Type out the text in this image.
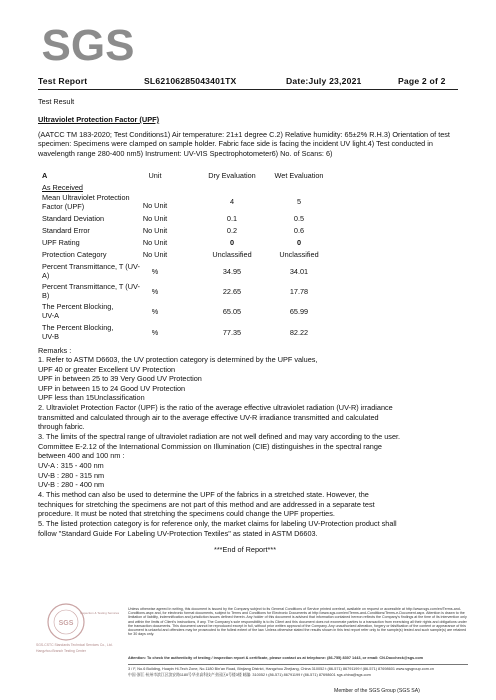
SGS
Test Report	SL62106285043401TX	Date:July 23,2021	Page 2 of 2
Test Result
Ultraviolet Protection Factor (UPF)
(AATCC TM 183-2020; Test Conditions1) Air temperature: 21±1 degree C.2) Relative humidity: 65±2% R.H.3) Orientation of test specimen: Specimens were clamped on sample holder. Fabric face side is facing the incident UV light.4) Test conducted in wavelength range 280-400 nm5) Instrument: UV-VIS Spectrophotometer6) No. of Scans: 6)
A	Unit	Dry Evaluation	Wet Evaluation
As Received
Mean Ultraviolet Protection Factor (UPF)	No Unit	4	5
Standard Deviation	No Unit	0.1	0.5
Standard Error	No Unit	0.2	0.6
UPF Rating	No Unit	0	0
Protection Category	No Unit	Unclassified	Unclassified
Percent Transmittance, T (UV-A)	%	34.95	34.01
Percent Transmittance, T (UV-B)	%	22.65	17.78
The Percent Blocking, UV-A	%	65.05	65.99
The Percent Blocking, UV-B	%	77.35	82.22
Remarks :
1. Refer to ASTM D6603, the UV protection category is determined by the UPF values,
UPF 40 or greater Excellent UV Protection
UPF in between 25 to 39 Very Good UV Protection
UFP in between 15 to 24 Good UV Protection
UPF less than 15Unclassification
2. Ultraviolet Protection Factor (UPF) is the ratio of the average effective ultraviolet radiation (UV-R) irradiance
transmitted and calculated through air to the average effective UV-R irradiance transmitted and calculated
through fabric.
3. The limits of the spectral range of ultraviolet radiation are not well defined and may vary according to the user.
Committee E-2.12 of the International Commission on Illumination (CIE) distinguishes in the spectral range
between 400 and 100 nm :
UV-A : 315 - 400 nm
UV-B : 280 - 315 nm
UV-B : 280 - 400 nm
4. This method can also be used to determine the UPF of the fabrics in a stretched state. However, the
techniques for stretching the specimens are not part of this method and are addressed in a separate test
procedure. It must be noted that stretching the specimens could change the UPF properties.
5. The listed protection category is for reference only, the market claims for labeling UV-Protection product shall
follow "Standard Guide For Labeling UV-Protection Textiles" as stated in ASTM D6603.
***End of Report***
Unless otherwise agreed in writing, this document is issued by the Company subject to its General Conditions of Service printed overleaf, available on request or accessible at http://www.sgs.com/en/Terms-and-Conditions.aspx and, for electronic format documents, subject to Terms and Conditions for Electronic Documents at http://www.sgs.com/en/Terms-and-Conditions/Terms-e-Document.aspx. Attention is drawn to the limitation of liability, indemnification and jurisdiction issues defined therein. Any holder of this document is advised that information contained hereon reflects the Company's findings at the time of its intervention only and within the limits of Client's instructions, if any. The Company's sole responsibility is to its Client and this document does not exonerate parties to a transaction from exercising all their rights and obligations under the transaction documents. This document cannot be reproduced except in full, without prior written approval of the Company. Any unauthorized alteration, forgery or falsification of the content or appearance of this document is unlawful and offenders may be prosecuted to the fullest extent of the law. Unless otherwise stated the results shown in this test report refer only to the sample(s) tested and such sample(s) are retained for 30 days only.
Attention: To check the authenticity of testing / inspection report & certificate, please contact us at telephone: (86-755) 8307 1443, or email: CN.Doccheck@sgs.com
3 / F, No.6 Building, Huayin Hi-Tech Zone, No.1180 Bin'an Road, Binjiang District, Hangzhou Zhejiang, China 310052 t (86-571) 86791199 f (86-571) 87698601 www.sgsgroup.com.cn
中国·浙江·杭州市滨江区滨安路1180号华业高科技产业园区6号楼3楼 邮编: 310052 t (86-571) 86791199 f (86-571) 87698601 sgs.china@sgs.com
SGS
SGS-CSTC Standards Technical Services Co., Ltd.
Hangzhou Branch Testing Center
Inspection & Testing Services
Member of the SGS Group (SGS SA)
